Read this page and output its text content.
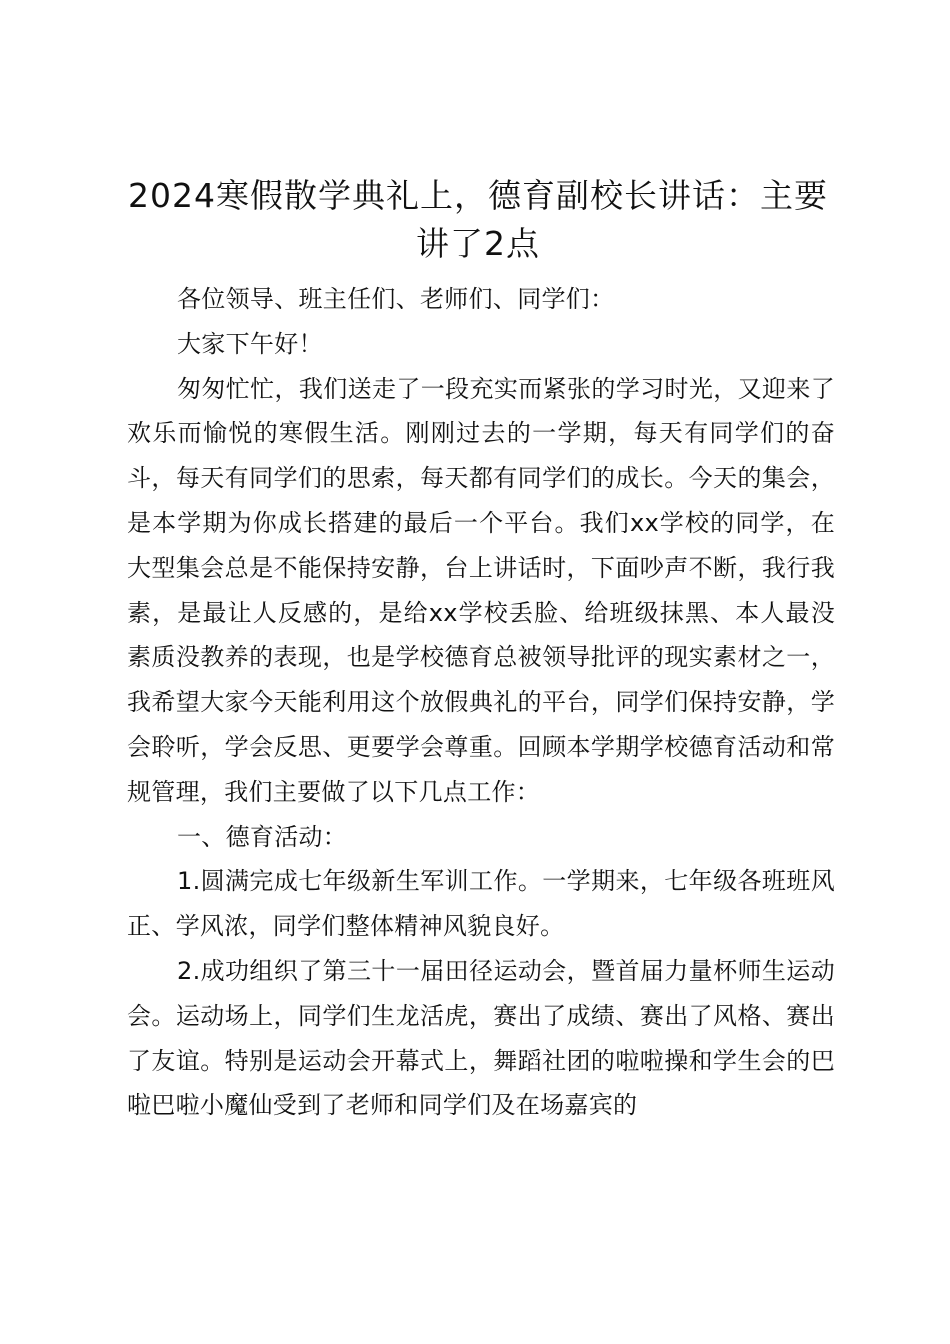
2024寒假散学典礼上，德育副校长讲话：主要讲了2点

各位领导、班主任们、老师们、同学们：

大家下午好！

匆匆忙忙，我们送走了一段充实而紧张的学习时光，又迎来了欢乐而愉悦的寒假生活。刚刚过去的一学期，每天有同学们的奋斗，每天有同学们的思索，每天都有同学们的成长。今天的集会，是本学期为你成长搭建的最后一个平台。我们xx学校的同学，在大型集会总是不能保持安静，台上讲话时，下面吵声不断，我行我素，是最让人反感的，是给xx学校丢脸、给班级抹黑、本人最没素质没教养的表现，也是学校德育总被领导批评的现实素材之一，我希望大家今天能利用这个放假典礼的平台，同学们保持安静，学会聆听，学会反思、更要学会尊重。回顾本学期学校德育活动和常规管理，我们主要做了以下几点工作：

一、德育活动：

1.圆满完成七年级新生军训工作。一学期来，七年级各班班风正、学风浓，同学们整体精神风貌良好。

2.成功组织了第三十一届田径运动会，暨首届力量杯师生运动会。运动场上，同学们生龙活虎，赛出了成绩、赛出了风格、赛出了友谊。特别是运动会开幕式上，舞蹈社团的啦啦操和学生会的巴啦巴啦小魔仙受到了老师和同学们及在场嘉宾的
